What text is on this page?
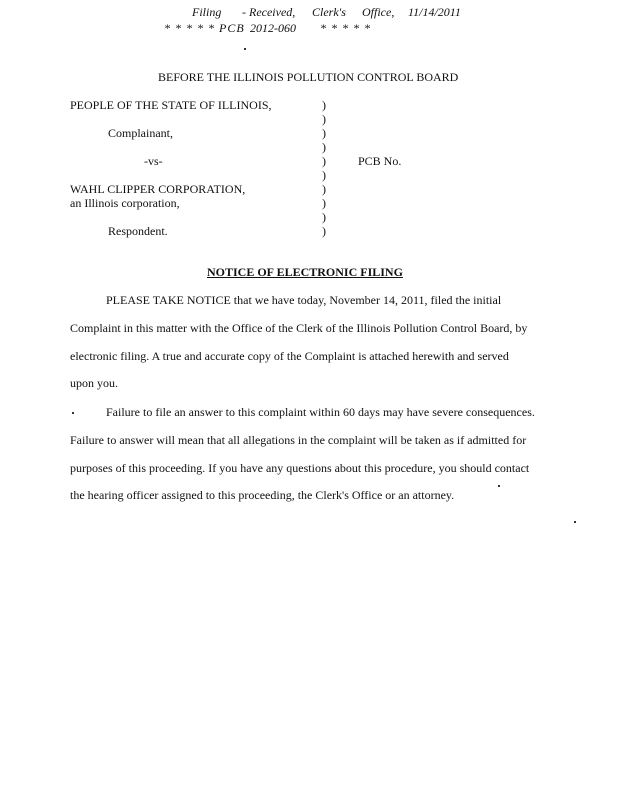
Filing - Received, Clerk's Office, 11/14/2011
* * * * * PCB 2012-060 * * * * *
BEFORE THE ILLINOIS POLLUTION CONTROL BOARD
PEOPLE OF THE STATE OF ILLINOIS,
Complainant,
-vs-	PCB No.
WAHL CLIPPER CORPORATION,
an Illinois corporation,
Respondent.
)
)
)
)
)
)
)
)
)
)
NOTICE OF ELECTRONIC FILING
PLEASE TAKE NOTICE that we have today, November 14, 2011, filed the initial
Complaint in this matter with the Office of the Clerk of the Illinois Pollution Control Board, by
electronic filing. A true and accurate copy of the Complaint is attached herewith and served
upon you.
Failure to file an answer to this complaint within 60 days may have severe consequences.
Failure to answer will mean that all allegations in the complaint will be taken as if admitted for
purposes of this proceeding. If you have any questions about this procedure, you should contact
the hearing officer assigned to this proceeding, the Clerk's Office or an attorney.
